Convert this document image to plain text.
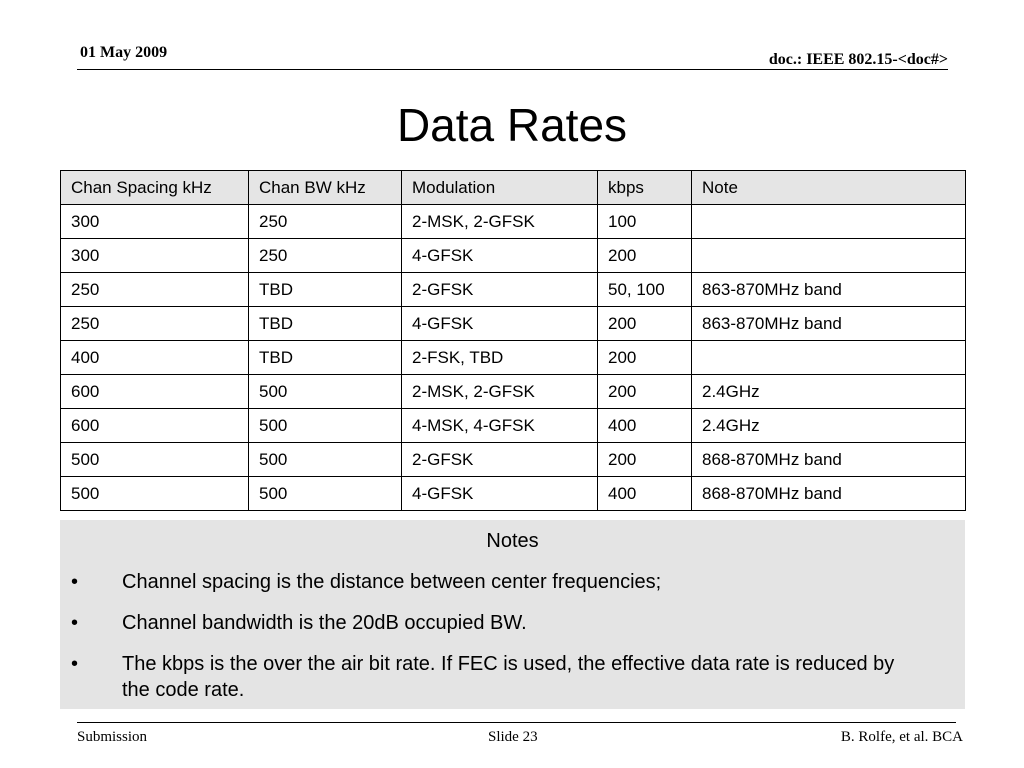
01 May 2009	doc.: IEEE 802.15-<doc#>
Data Rates
Chan Spacing kHz	Chan BW kHz	Modulation	kbps	Note
300	250	2-MSK, 2-GFSK	100	
300	250	4-GFSK	200	
250	TBD	2-GFSK	50, 100	863-870MHz band
250	TBD	4-GFSK	200	863-870MHz band
400	TBD	2-FSK, TBD	200	
600	500	2-MSK, 2-GFSK	200	2.4GHz
600	500	4-MSK, 4-GFSK	400	2.4GHz
500	500	2-GFSK	200	868-870MHz band
500	500	4-GFSK	400	868-870MHz band
Notes
• Channel spacing is the distance between center frequencies;
• Channel bandwidth is the 20dB occupied BW.
• The kbps is the over the air bit rate. If FEC is used, the effective data rate is reduced by the code rate.
Submission	Slide 23	B. Rolfe, et al. BCA
